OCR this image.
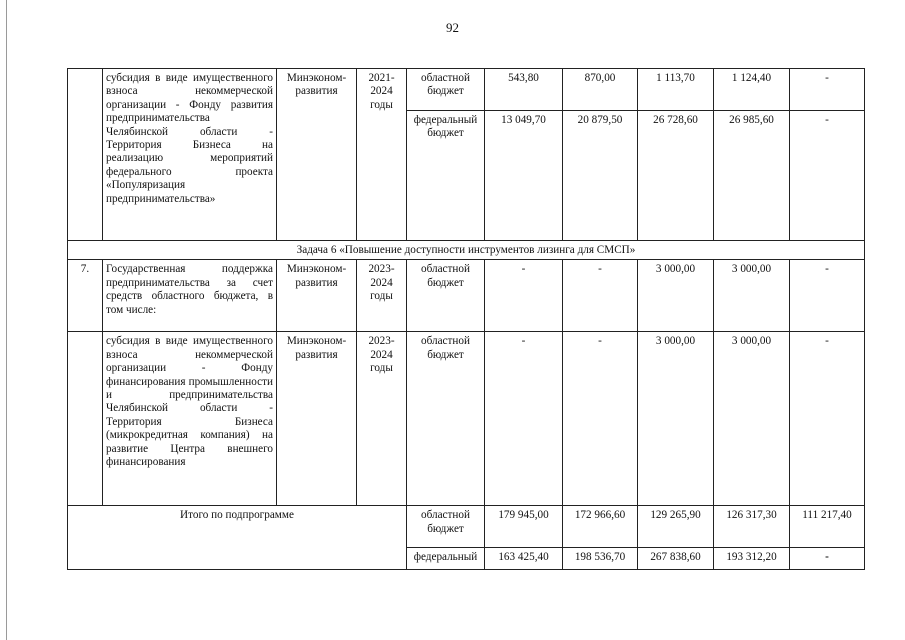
92
	субсидия в виде имущественного взноса некоммерческой организации - Фонду развития предпринимательства Челябинской области - Территория Бизнеса на реализацию мероприятий федерального проекта «Популяризация предпринимательства»	Минэконом-развития	2021-2024 годы	областной бюджет	543,80	870,00	1 113,70	1 124,40	-
				федеральный бюджет	13 049,70	20 879,50	26 728,60	26 985,60	-
Задача 6 «Повышение доступности инструментов лизинга для СМСП»									
7.	Государственная поддержка предпринимательства за счет средств областного бюджета, в том числе:	Минэконом-развития	2023-2024 годы	областной бюджет	-	-	3 000,00	3 000,00	-
	субсидия в виде имущественного взноса некоммерческой организации - Фонду финансирования промышленности и предпринимательства Челябинской области - Территория Бизнеса (микрокредитная компания) на развитие Центра внешнего финансирования	Минэконом-развития	2023-2024 годы	областной бюджет	-	-	3 000,00	3 000,00	-
Итого по подпрограмме				областной бюджет	179 945,00	172 966,60	129 265,90	126 317,30	111 217,40
				федеральный	163 425,40	198 536,70	267 838,60	193 312,20	-
